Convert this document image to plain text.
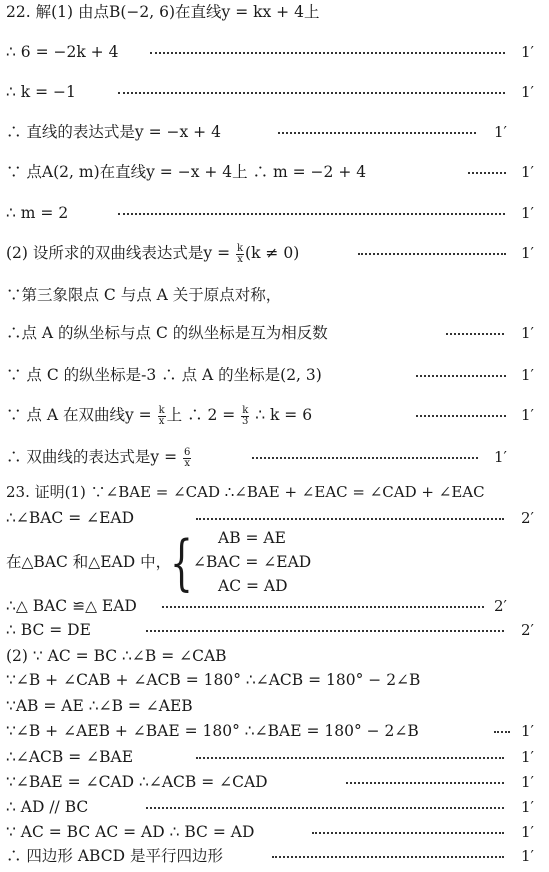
22. 解(1) 由点B(−2, 6)在直线y = kx + 4上
∴ 6 = −2k + 4	1′
∴ k = −1	1′
∴ 直线的表达式是y = −x + 4	1′
∵ 点A(2, m)在直线y = −x + 4上 ∴ m = −2 + 4	1′
∴ m = 2	1′
(2) 设所求的双曲线表达式是$y = \frac{k}{x} (k \ne 0)$	1′
∵第三象限点 C 与点 A 关于原点对称，
∴点 A 的纵坐标与点 C 的纵坐标是互为相反数	1′
∵ 点 C 的纵坐标是-3 ∴ 点 A 的坐标是(2, 3)	1′
∵ 点 A 在双曲线$y = \frac{k}{x}$ 上 ∴ $2 = \frac{k}{3}$ ∴ k = 6	1′
∴ 双曲线的表达式是$y = \frac{6}{x}$	1′
23. 证明(1) ∵∠BAE = ∠CAD ∴∠BAE + ∠EAC = ∠CAD + ∠EAC
∴∠BAC = ∠EAD	2′
在△BAC 和△EAD 中，
{ AB = AE
∠BAC = ∠EAD
AC = AD
∴△ BAC ≌△ EAD	2′
∴ BC = DE	2′
(2) ∵ AC = BC ∴∠B = ∠CAB
∵∠B + ∠CAB + ∠ACB = 180° ∴∠ACB = 180° − 2∠B
∵AB = AE ∴∠B = ∠AEB
∵∠B + ∠AEB + ∠BAE = 180° ∴∠BAE = 180° − 2∠B	1′
∴∠ACB = ∠BAE	1′
∵∠BAE = ∠CAD ∴∠ACB = ∠CAD	1′
∴ AD // BC	1′
∵ AC = BC AC = AD ∴ BC = AD	1′
∴ 四边形 ABCD 是平行四边形	1′
